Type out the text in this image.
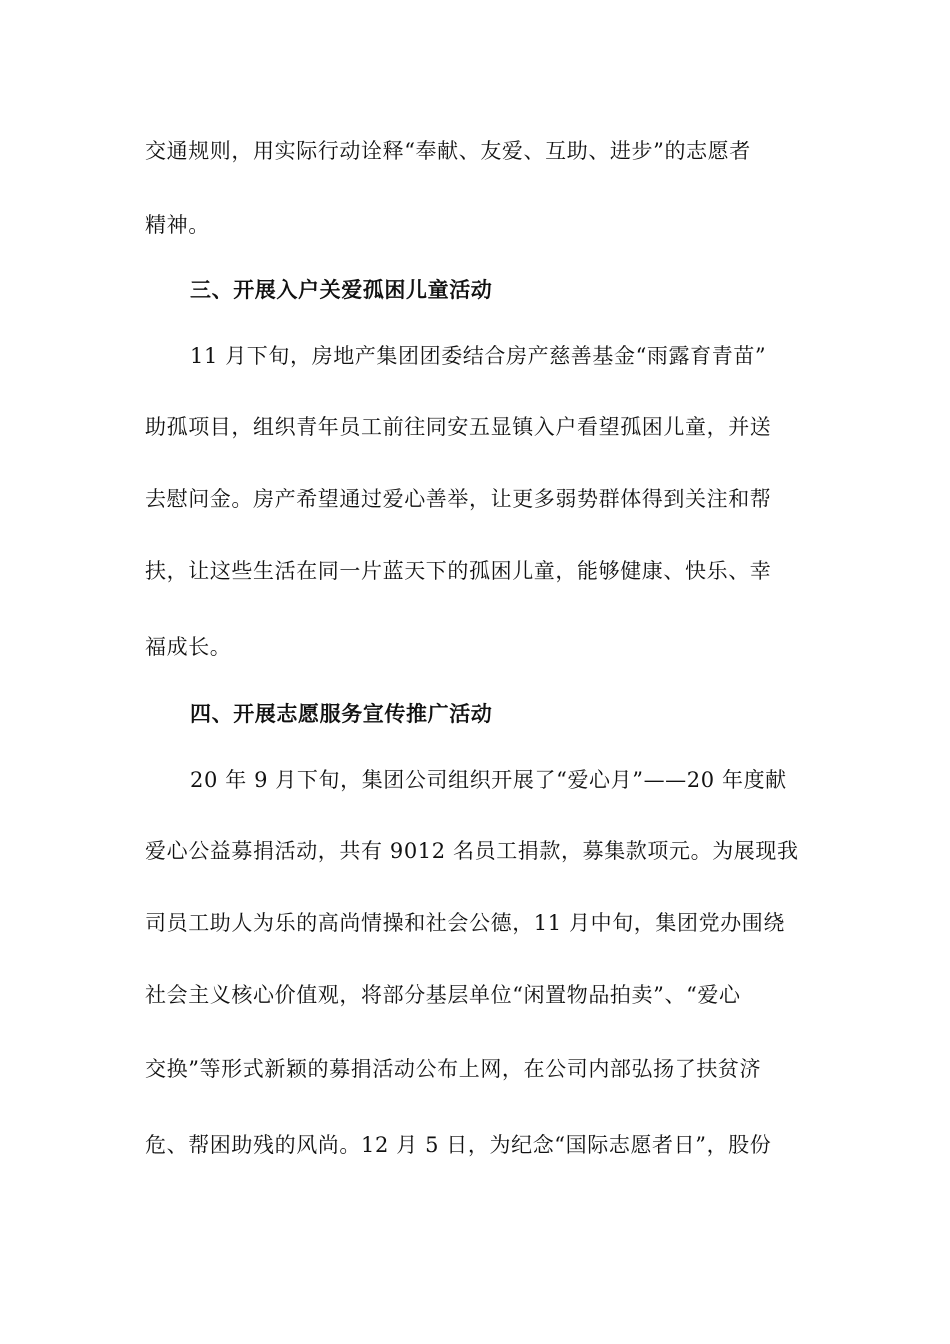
交通规则，用实际行动诠释“奉献、友爱、互助、进步”的志愿者
精神。
三、开展入户关爱孤困儿童活动
11 月下旬，房地产集团团委结合房产慈善基金“雨露育青苗”
助孤项目，组织青年员工前往同安五显镇入户看望孤困儿童，并送
去慰问金。房产希望通过爱心善举，让更多弱势群体得到关注和帮
扶，让这些生活在同一片蓝天下的孤困儿童，能够健康、快乐、幸
福成长。
四、开展志愿服务宣传推广活动
20 年 9 月下旬，集团公司组织开展了“爱心月”——20 年度献
爱心公益募捐活动，共有 9012 名员工捐款，募集款项元。为展现我
司员工助人为乐的高尚情操和社会公德，11 月中旬，集团党办围绕
社会主义核心价值观，将部分基层单位“闲置物品拍卖”、“爱心
交换”等形式新颖的募捐活动公布上网，在公司内部弘扬了扶贫济
危、帮困助残的风尚。12 月 5 日，为纪念“国际志愿者日”，股份
